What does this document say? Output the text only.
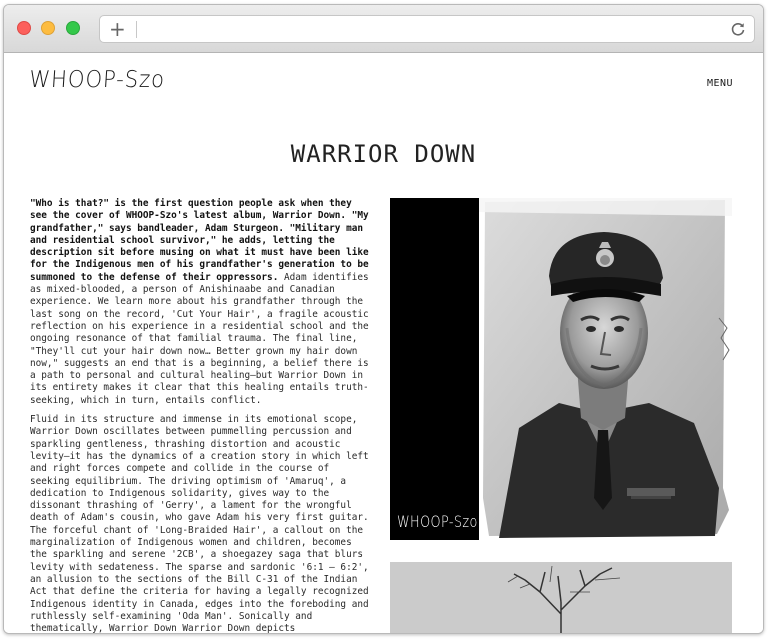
+
WHOOP-Szo	MENU
WARRIOR DOWN

"Who is that?" is the first question people ask when they see the cover of WHOOP-Szo's latest album, Warrior Down. "My grandfather," says bandleader, Adam Sturgeon. "Military man and residential school survivor," he adds, letting the description sit before musing on what it must have been like for the Indigenous men of his grandfather's generation to be summoned to the defense of their oppressors. Adam identifies as mixed-blooded, a person of Anishinaabe and Canadian experience. We learn more about his grandfather through the last song on the record, 'Cut Your Hair', a fragile acoustic reflection on his experience in a residential school and the ongoing resonance of that familial trauma. The final line, "They'll cut your hair down now… Better grown my hair down now," suggests an end that is a beginning, a belief there is a path to personal and cultural healing—but Warrior Down in its entirety makes it clear that this healing entails truth-seeking, which in turn, entails conflict.

Fluid in its structure and immense in its emotional scope, Warrior Down oscillates between pummelling percussion and sparkling gentleness, thrashing distortion and acoustic levity—it has the dynamics of a creation story in which left and right forces compete and collide in the course of seeking equilibrium. The driving optimism of 'Amaruq', a dedication to Indigenous solidarity, gives way to the dissonant thrashing of 'Gerry', a lament for the wrongful death of Adam's cousin, who gave Adam his very first guitar. The forceful chant of 'Long-Braided Hair', a callout on the marginalization of Indigenous women and children, becomes the sparkling and serene '2CB', a shoegazey saga that blurs levity with sedateness. The sparse and sardonic '6:1 – 6:2', an allusion to the sections of the Bill C-31 of the Indian Act that define the criteria for having a legally recognized Indigenous identity in Canada, edges into the foreboding and ruthlessly self-examining 'Oda Man'. Sonically and thematically, Warrior Down Warrior Down depicts

WHOOP-Szo
